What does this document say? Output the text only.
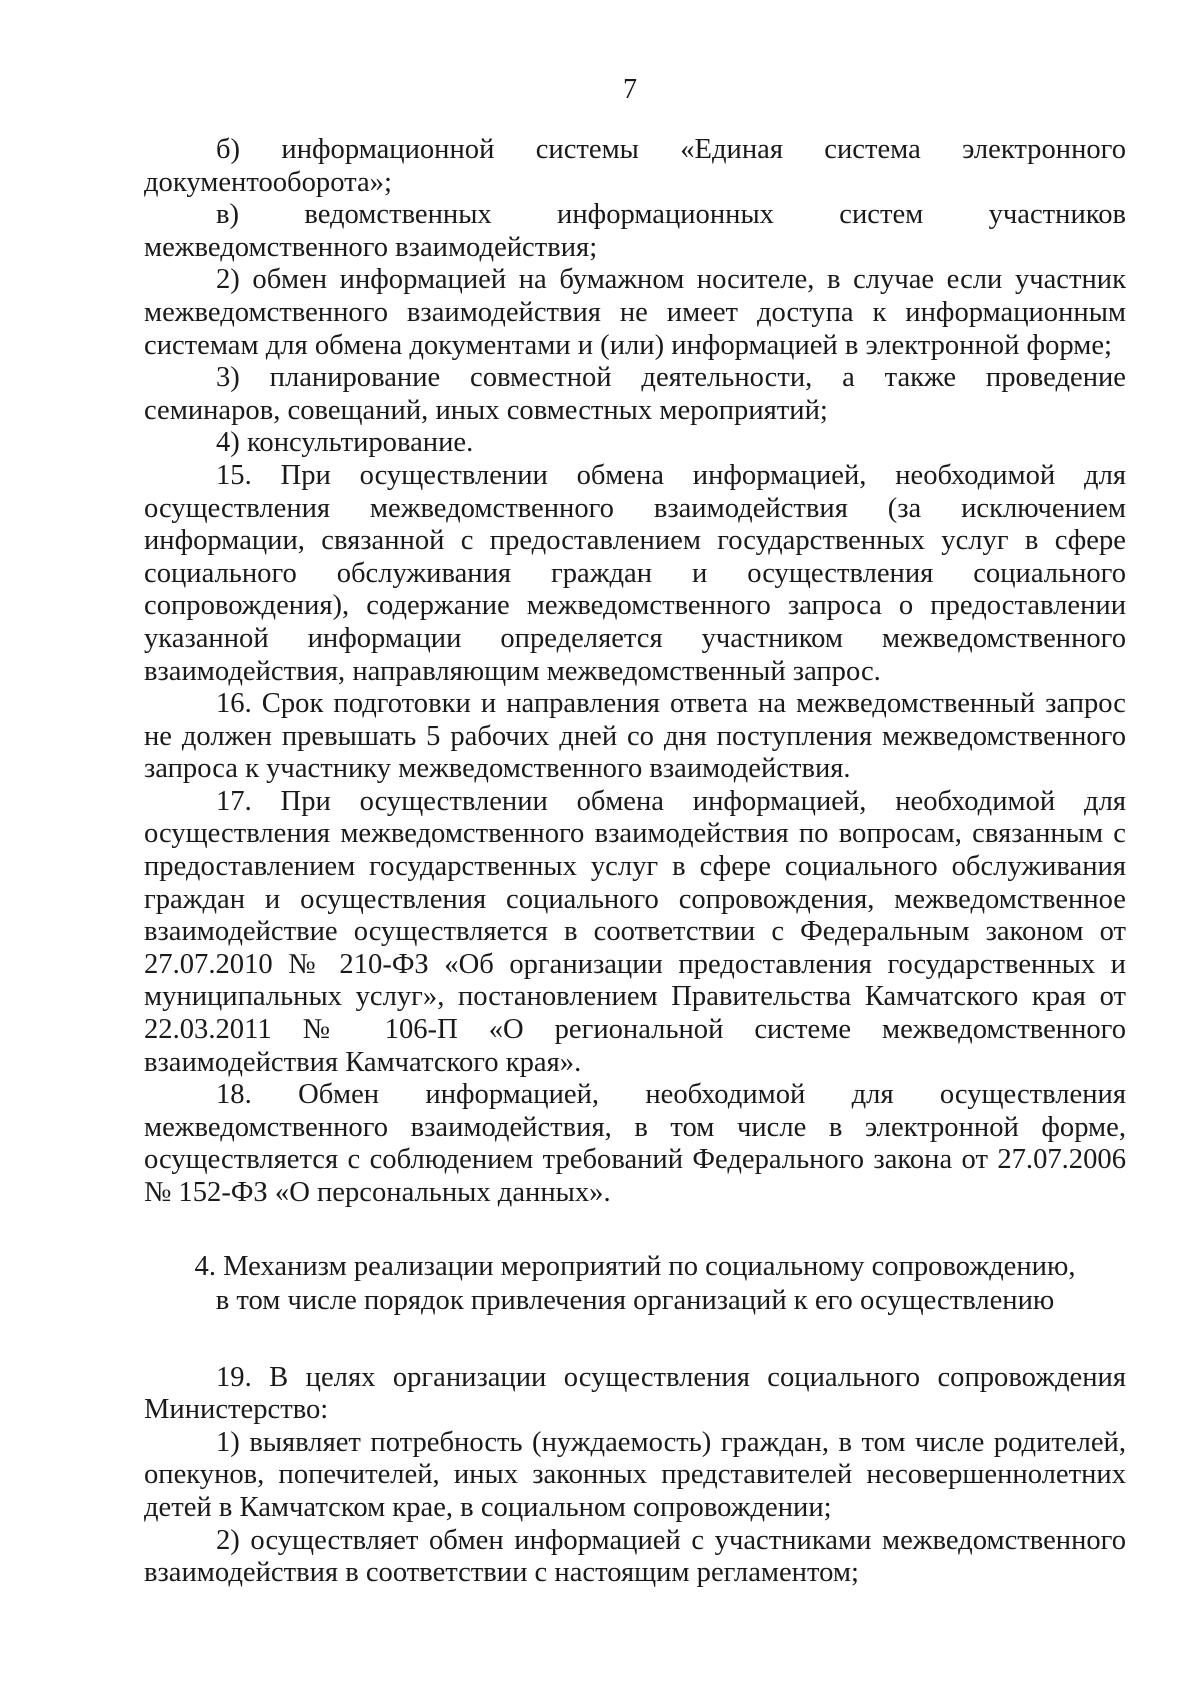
7

б) информационной системы «Единая система электронного документооборота»;

в) ведомственных информационных систем участников межведомственного взаимодействия;

2) обмен информацией на бумажном носителе, в случае если участник межведомственного взаимодействия не имеет доступа к информационным системам для обмена документами и (или) информацией в электронной форме;

3) планирование совместной деятельности, а также проведение семинаров, совещаний, иных совместных мероприятий;

4) консультирование.

15. При осуществлении обмена информацией, необходимой для осуществления межведомственного взаимодействия (за исключением информации, связанной с предоставлением государственных услуг в сфере социального обслуживания граждан и осуществления социального сопровождения), содержание межведомственного запроса о предоставлении указанной информации определяется участником межведомственного взаимодействия, направляющим межведомственный запрос.

16. Срок подготовки и направления ответа на межведомственный запрос не должен превышать 5 рабочих дней со дня поступления межведомственного запроса к участнику межведомственного взаимодействия.

17. При осуществлении обмена информацией, необходимой для осуществления межведомственного взаимодействия по вопросам, связанным с предоставлением государственных услуг в сфере социального обслуживания граждан и осуществления социального сопровождения, межведомственное взаимодействие осуществляется в соответствии с Федеральным законом от 27.07.2010 № 210-ФЗ «Об организации предоставления государственных и муниципальных услуг», постановлением Правительства Камчатского края от 22.03.2011 № 106-П «О региональной системе межведомственного взаимодействия Камчатского края».

18. Обмен информацией, необходимой для осуществления межведомственного взаимодействия, в том числе в электронной форме, осуществляется с соблюдением требований Федерального закона от 27.07.2006 № 152-ФЗ «О персональных данных».

4. Механизм реализации мероприятий по социальному сопровождению,
в том числе порядок привлечения организаций к его осуществлению

19. В целях организации осуществления социального сопровождения Министерство:

1) выявляет потребность (нуждаемость) граждан, в том числе родителей, опекунов, попечителей, иных законных представителей несовершеннолетних детей в Камчатском крае, в социальном сопровождении;

2) осуществляет обмен информацией с участниками межведомственного взаимодействия в соответствии с настоящим регламентом;
